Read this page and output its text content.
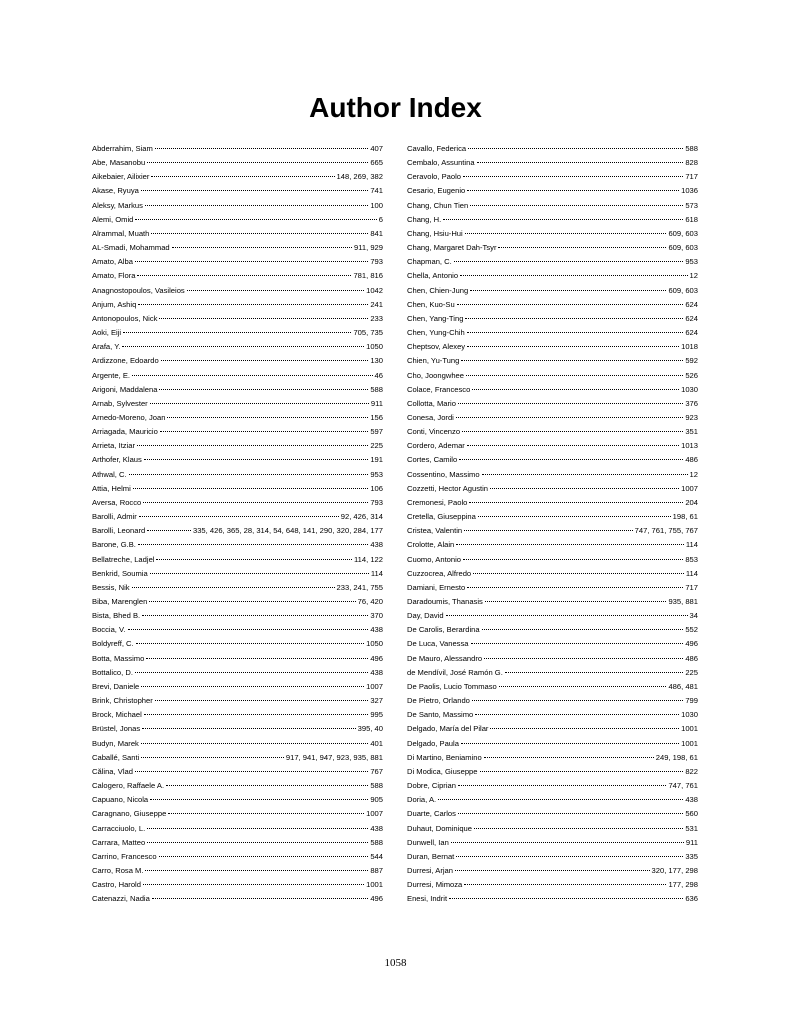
Author Index
Abderrahim, Siam	407
Abe, Masanobu	665
Aikebaier, Ailixier	148, 269, 382
Akase, Ryuya	741
Aleksy, Markus	100
Alemi, Omid	6
Alrammal, Muath	841
AL-Smadi, Mohammad	911, 929
Amato, Alba	793
Amato, Flora	781, 816
Anagnostopoulos, Vasileios	1042
Anjum, Ashiq	241
Antonopoulos, Nick	233
Aoki, Eiji	705, 735
Arafa, Y.	1050
Ardizzone, Edoardo	130
Argente, E.	46
Arigoni, Maddalena	588
Arnab, Sylvester	911
Arnedo-Moreno, Joan	156
Arriagada, Mauricio	597
Arrieta, Itziar	225
Arthofer, Klaus	191
Athwal, C.	953
Attia, Helmi	106
Aversa, Rocco	793
Barolli, Admir	92, 426, 314
Barolli, Leonard	335, 426, 365, 28, 314, 54, 648, 141, 290, 320, 284, 177
Barone, G.B.	438
Bellatreche, Ladjel	114, 122
Benkrid, Soumia	114
Bessis, Nik	233, 241, 755
Biba, Marenglen	76, 420
Bista, Bhed B.	370
Boccia, V.	438
Boldyreff, C.	1050
Botta, Massimo	496
Bottalico, D.	438
Brevi, Daniele	1007
Brink, Christopher	327
Brock, Michael	995
Brüstel, Jonas	395, 40
Budyn, Marek	401
Caballé, Santi	917, 941, 947, 923, 935, 881
Călina, Vlad	767
Calogero, Raffaele A.	588
Capuano, Nicola	905
Caragnano, Giuseppe	1007
Carracciuolo, L.	438
Carrara, Matteo	588
Carrino, Francesco	544
Carro, Rosa M.	887
Castro, Harold	1001
Catenazzi, Nadia	496
Cavallo, Federica	588
Cembalo, Assuntina	828
Ceravolo, Paolo	717
Cesario, Eugenio	1036
Chang, Chun Tien	573
Chang, H.	618
Chang, Hsiu-Hui	609, 603
Chang, Margaret Dah-Tsyr	609, 603
Chapman, C.	953
Chella, Antonio	12
Chen, Chien-Jung	609, 603
Chen, Kuo-Su	624
Chen, Yang-Ting	624
Chen, Yung-Chih	624
Cheptsov, Alexey	1018
Chien, Yu-Tung	592
Cho, Joongwhee	526
Colace, Francesco	1030
Collotta, Mario	376
Conesa, Jordi	923
Conti, Vincenzo	351
Cordero, Ademar	1013
Cortes, Camilo	486
Cossentino, Massimo	12
Cozzetti, Hector Agustin	1007
Cremonesi, Paolo	204
Cretella, Giuseppina	198, 61
Cristea, Valentin	747, 761, 755, 767
Crolotte, Alain	114
Cuomo, Antonio	853
Cuzzocrea, Alfredo	114
Damiani, Ernesto	717
Daradoumis, Thanasis	935, 881
Day, David	34
De Carolis, Berardina	552
De Luca, Vanessa	496
De Mauro, Alessandro	486
de Mendívil, José Ramón G.	225
De Paolis, Lucio Tommaso	486, 481
De Pietro, Orlando	799
De Santo, Massimo	1030
Delgado, María del Pilar	1001
Delgado, Paula	1001
Di Martino, Beniamino	249, 198, 61
Di Modica, Giuseppe	822
Dobre, Ciprian	747, 761
Doria, A.	438
Duarte, Carlos	560
Duhaut, Dominique	531
Dunwell, Ian	911
Duran, Bernat	335
Durresi, Arjan	320, 177, 298
Durresi, Mimoza	177, 298
Enesi, Indrit	636
1058
